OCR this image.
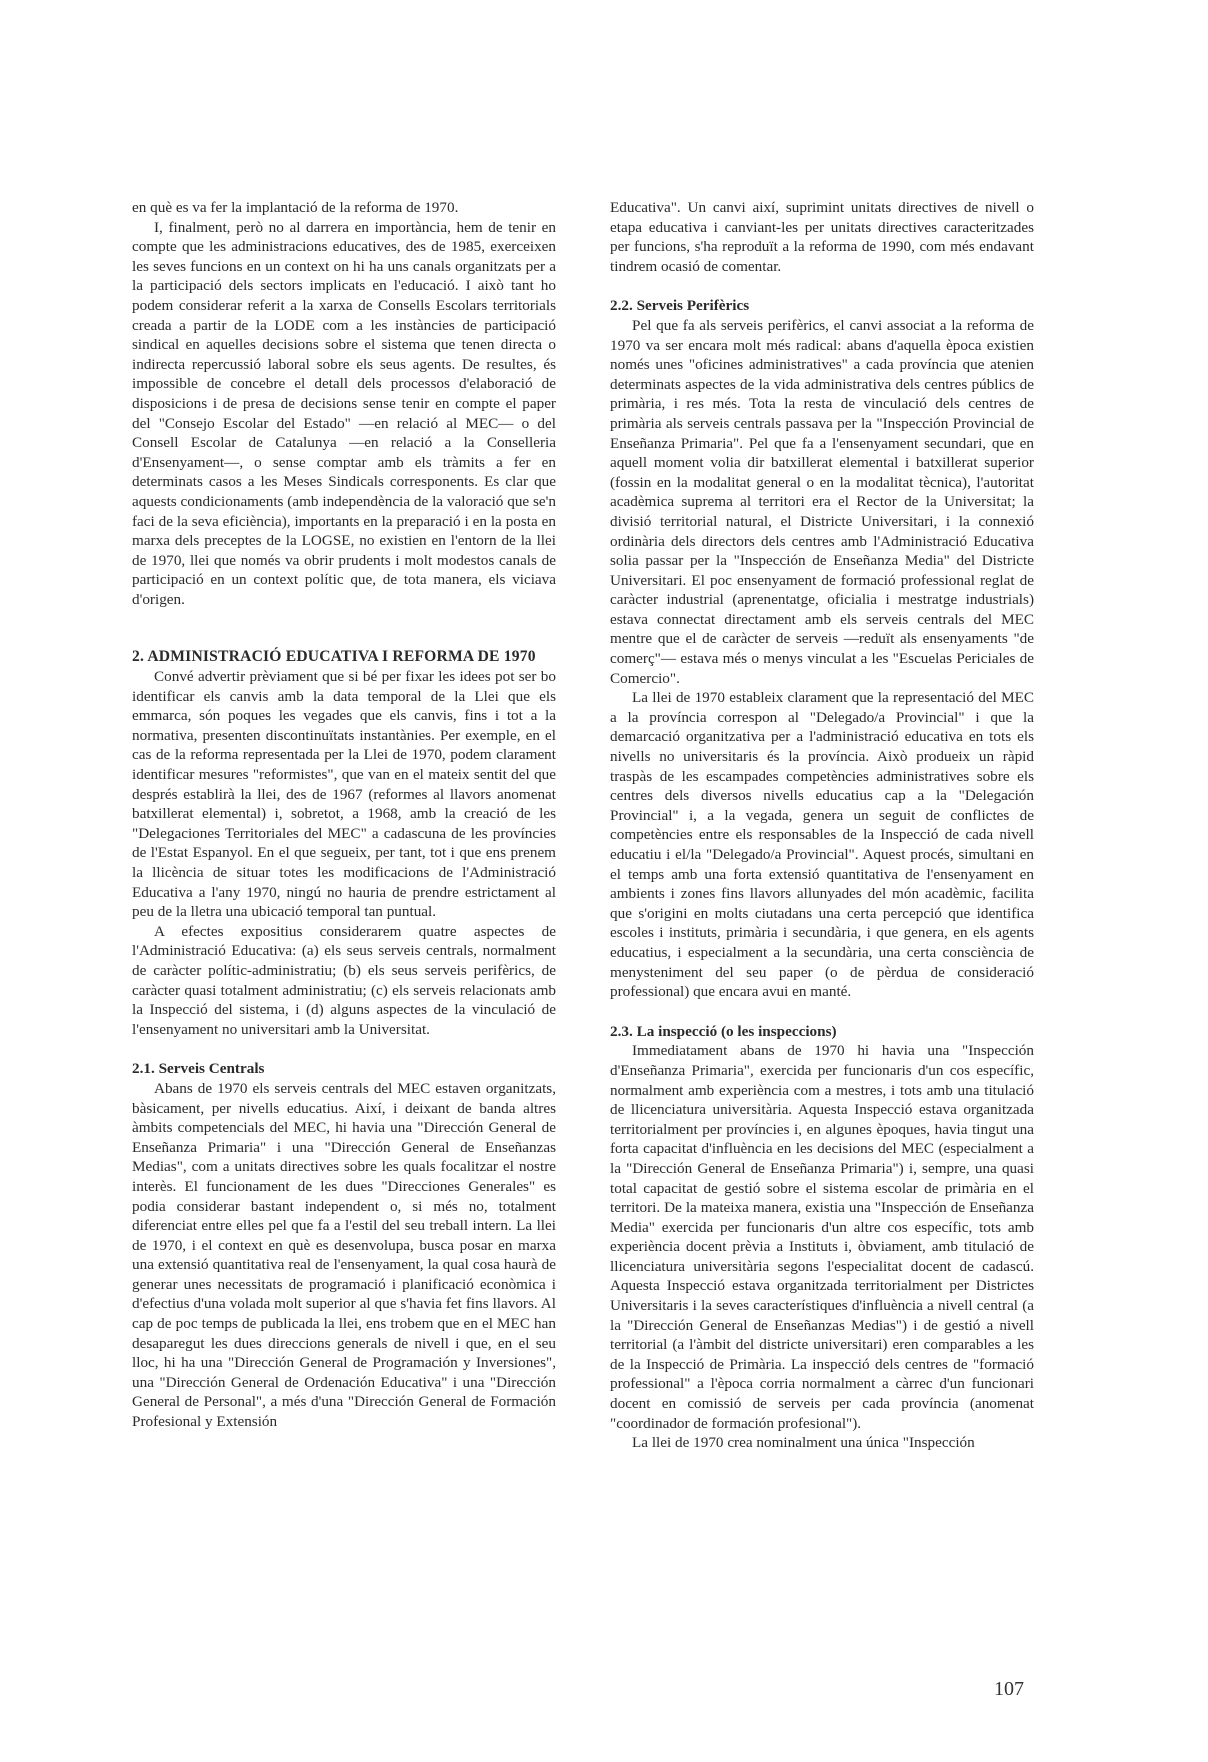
en què es va fer la implantació de la reforma de 1970.

I, finalment, però no al darrera en importància, hem de tenir en compte que les administracions educatives, des de 1985, exerceixen les seves funcions en un context on hi ha uns canals organitzats per a la participació dels sectors implicats en l'educació. I això tant ho podem considerar referit a la xarxa de Consells Escolars territorials creada a partir de la LODE com a les instàncies de participació sindical en aquelles decisions sobre el sistema que tenen directa o indirecta repercussió laboral sobre els seus agents. De resultes, és impossible de concebre el detall dels processos d'elaboració de disposicions i de presa de decisions sense tenir en compte el paper del "Consejo Escolar del Estado" —en relació al MEC— o del Consell Escolar de Catalunya —en relació a la Conselleria d'Ensenyament—, o sense comptar amb els tràmits a fer en determinats casos a les Meses Sindicals corresponents. Es clar que aquests condicionaments (amb independència de la valoració que se'n faci de la seva eficiència), importants en la preparació i en la posta en marxa dels preceptes de la LOGSE, no existien en l'entorn de la llei de 1970, llei que només va obrir prudents i molt modestos canals de participació en un context polític que, de tota manera, els viciava d'origen.

2. ADMINISTRACIÓ EDUCATIVA I REFORMA DE 1970

Convé advertir prèviament que si bé per fixar les idees pot ser bo identificar els canvis amb la data temporal de la Llei que els emmarca, són poques les vegades que els canvis, fins i tot a la normativa, presenten discontinuïtats instantànies. Per exemple, en el cas de la reforma representada per la Llei de 1970, podem clarament identificar mesures "reformistes", que van en el mateix sentit del que després establirà la llei, des de 1967 (reformes al llavors anomenat batxillerat elemental) i, sobretot, a 1968, amb la creació de les "Delegaciones Territoriales del MEC" a cadascuna de les províncies de l'Estat Espanyol. En el que segueix, per tant, tot i que ens prenem la llicència de situar totes les modificacions de l'Administració Educativa a l'any 1970, ningú no hauria de prendre estrictament al peu de la lletra una ubicació temporal tan puntual.

A efectes expositius considerarem quatre aspectes de l'Administració Educativa: (a) els seus serveis centrals, normalment de caràcter polític-administratiu; (b) els seus serveis perifèrics, de caràcter quasi totalment administratiu; (c) els serveis relacionats amb la Inspecció del sistema, i (d) alguns aspectes de la vinculació de l'ensenyament no universitari amb la Universitat.

2.1. Serveis Centrals

Abans de 1970 els serveis centrals del MEC estaven organitzats, bàsicament, per nivells educatius. Així, i deixant de banda altres àmbits competencials del MEC, hi havia una "Dirección General de Enseñanza Primaria" i una "Dirección General de Enseñanzas Medias", com a unitats directives sobre les quals focalitzar el nostre interès. El funcionament de les dues "Direcciones Generales" es podia considerar bastant independent o, si més no, totalment diferenciat entre elles pel que fa a l'estil del seu treball intern. La llei de 1970, i el context en què es desenvolupa, busca posar en marxa una extensió quantitativa real de l'ensenyament, la qual cosa haurà de generar unes necessitats de programació i planificació econòmica i d'efectius d'una volada molt superior al que s'havia fet fins llavors. Al cap de poc temps de publicada la llei, ens trobem que en el MEC han desaparegut les dues direccions generals de nivell i que, en el seu lloc, hi ha una "Dirección General de Programación y Inversiones", una "Dirección General de Ordenación Educativa" i una "Dirección General de Personal", a més d'una "Dirección General de Formación Profesional y Extensión

Educativa". Un canvi així, suprimint unitats directives de nivell o etapa educativa i canviant-les per unitats directives caracteritzades per funcions, s'ha reproduït a la reforma de 1990, com més endavant tindrem ocasió de comentar.

2.2. Serveis Perifèrics

Pel que fa als serveis perifèrics, el canvi associat a la reforma de 1970 va ser encara molt més radical: abans d'aquella època existien només unes "oficines administratives" a cada província que atenien determinats aspectes de la vida administrativa dels centres públics de primària, i res més. Tota la resta de vinculació dels centres de primària als serveis centrals passava per la "Inspección Provincial de Enseñanza Primaria". Pel que fa a l'ensenyament secundari, que en aquell moment volia dir batxillerat elemental i batxillerat superior (fossin en la modalitat general o en la modalitat tècnica), l'autoritat acadèmica suprema al territori era el Rector de la Universitat; la divisió territorial natural, el Districte Universitari, i la connexió ordinària dels directors dels centres amb l'Administració Educativa solia passar per la "Inspección de Enseñanza Media" del Districte Universitari. El poc ensenyament de formació professional reglat de caràcter industrial (aprenentatge, oficialia i mestratge industrials) estava connectat directament amb els serveis centrals del MEC mentre que el de caràcter de serveis —reduït als ensenyaments "de comerç"— estava més o menys vinculat a les "Escuelas Periciales de Comercio".

La llei de 1970 estableix clarament que la representació del MEC a la província correspon al "Delegado/a Provincial" i que la demarcació organitzativa per a l'administració educativa en tots els nivells no universitaris és la província. Això produeix un ràpid traspàs de les escampades competències administratives sobre els centres dels diversos nivells educatius cap a la "Delegación Provincial" i, a la vegada, genera un seguit de conflictes de competències entre els responsables de la Inspecció de cada nivell educatiu i el/la "Delegado/a Provincial". Aquest procés, simultani en el temps amb una forta extensió quantitativa de l'ensenyament en ambients i zones fins llavors allunyades del món acadèmic, facilita que s'origini en molts ciutadans una certa percepció que identifica escoles i instituts, primària i secundària, i que genera, en els agents educatius, i especialment a la secundària, una certa consciència de menysteniment del seu paper (o de pèrdua de consideració professional) que encara avui en manté.

2.3. La inspecció (o les inspeccions)

Immediatament abans de 1970 hi havia una "Inspección d'Enseñanza Primaria", exercida per funcionaris d'un cos específic, normalment amb experiència com a mestres, i tots amb una titulació de llicenciatura universitària. Aquesta Inspecció estava organitzada territorialment per províncies i, en algunes èpoques, havia tingut una forta capacitat d'influència en les decisions del MEC (especialment a la "Dirección General de Enseñanza Primaria") i, sempre, una quasi total capacitat de gestió sobre el sistema escolar de primària en el territori. De la mateixa manera, existia una "Inspección de Enseñanza Media" exercida per funcionaris d'un altre cos específic, tots amb experiència docent prèvia a Instituts i, òbviament, amb titulació de llicenciatura universitària segons l'especialitat docent de cadascú. Aquesta Inspecció estava organitzada territorialment per Districtes Universitaris i la seves característiques d'influència a nivell central (a la "Dirección General de Enseñanzas Medias") i de gestió a nivell territorial (a l'àmbit del districte universitari) eren comparables a les de la Inspecció de Primària. La inspecció dels centres de "formació professional" a l'època corria normalment a càrrec d'un funcionari docent en comissió de serveis per cada província (anomenat "coordinador de formación profesional").

La llei de 1970 crea nominalment una única "Inspección

107
